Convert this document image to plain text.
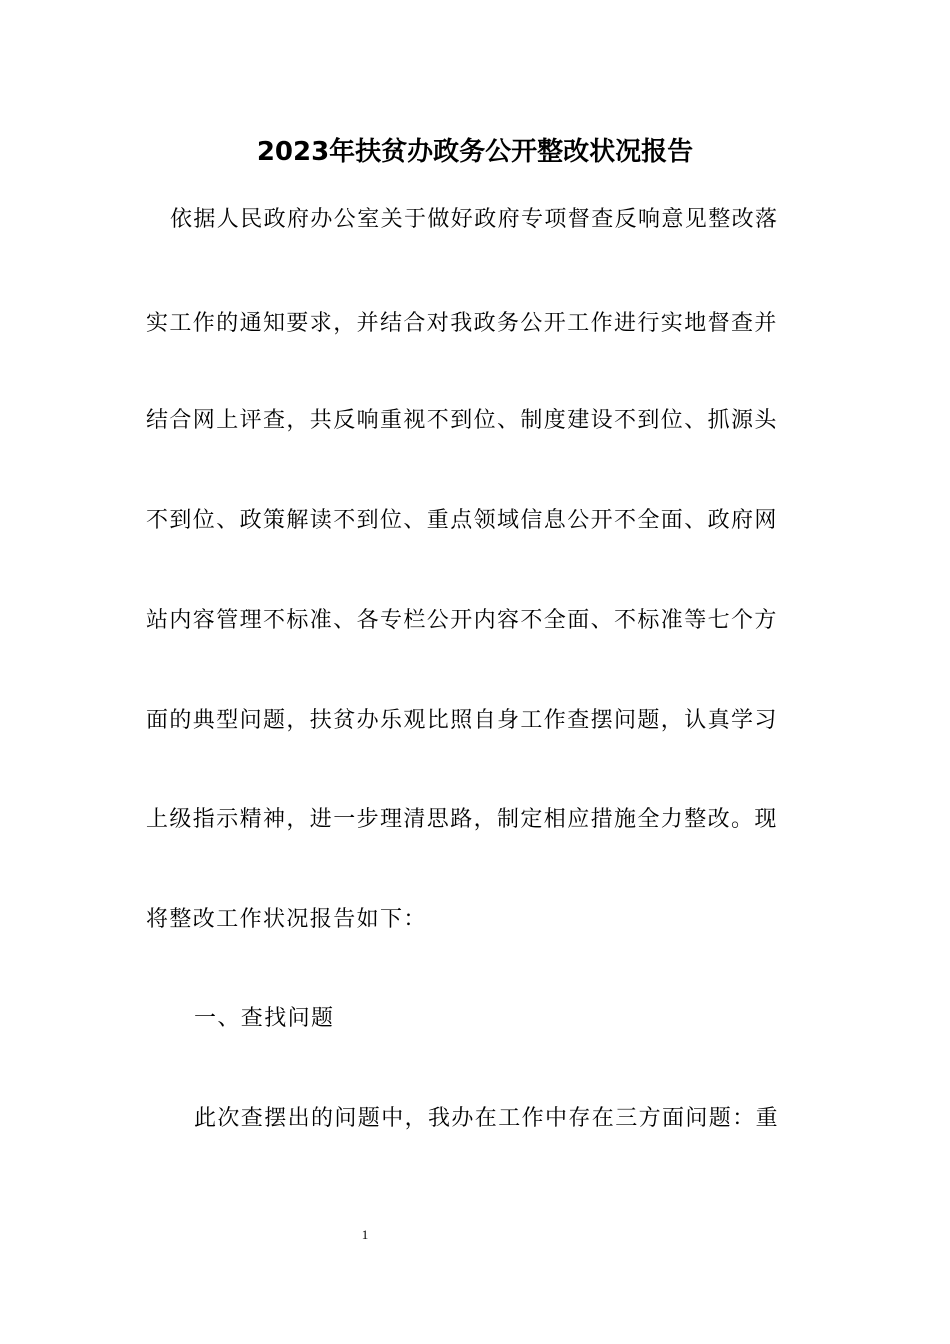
2023年扶贫办政务公开整改状况报告
依据人民政府办公室关于做好政府专项督查反响意见整改落
实工作的通知要求，并结合对我政务公开工作进行实地督查并
结合网上评查，共反响重视不到位、制度建设不到位、抓源头
不到位、政策解读不到位、重点领域信息公开不全面、政府网
站内容管理不标准、各专栏公开内容不全面、不标准等七个方
面的典型问题，扶贫办乐观比照自身工作查摆问题，认真学习
上级指示精神，进一步理清思路，制定相应措施全力整改。现
将整改工作状况报告如下：
一、查找问题
此次查摆出的问题中，我办在工作中存在三方面问题：重
1
